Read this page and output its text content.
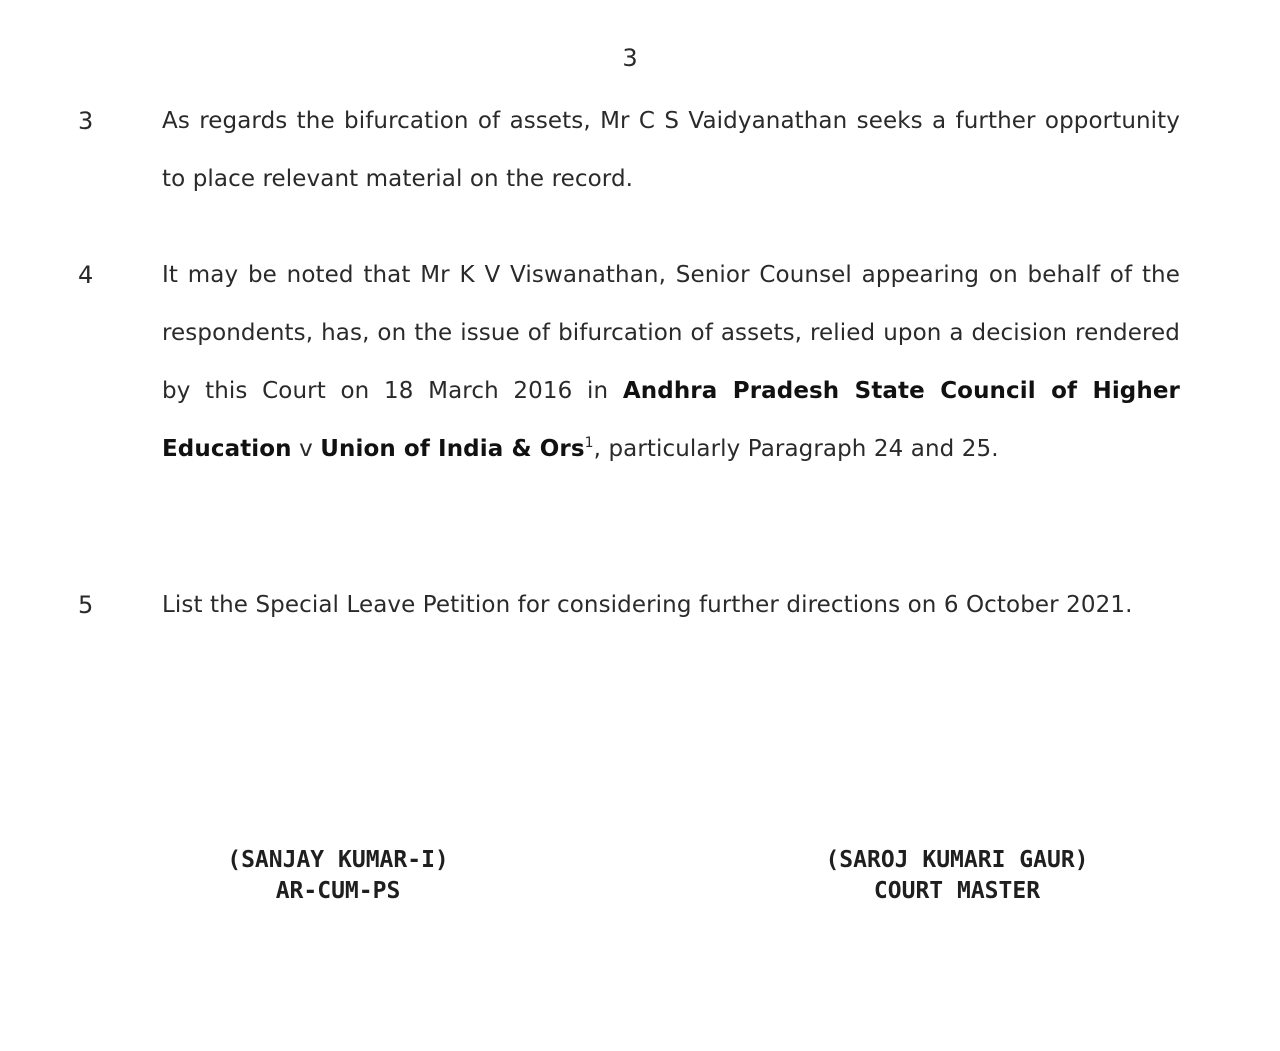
3
3	As regards the bifurcation of assets, Mr C S Vaidyanathan seeks a further opportunity to place relevant material on the record.
4	It may be noted that Mr K V Viswanathan, Senior Counsel appearing on behalf of the respondents, has, on the issue of bifurcation of assets, relied upon a decision rendered by this Court on 18 March 2016 in Andhra Pradesh State Council of Higher Education v Union of India & Ors$^1$, particularly Paragraph 24 and 25.
5	List the Special Leave Petition for considering further directions on 6 October 2021.
(SANJAY KUMAR-I)
AR-CUM-PS
(SAROJ KUMARI GAUR)
COURT MASTER
